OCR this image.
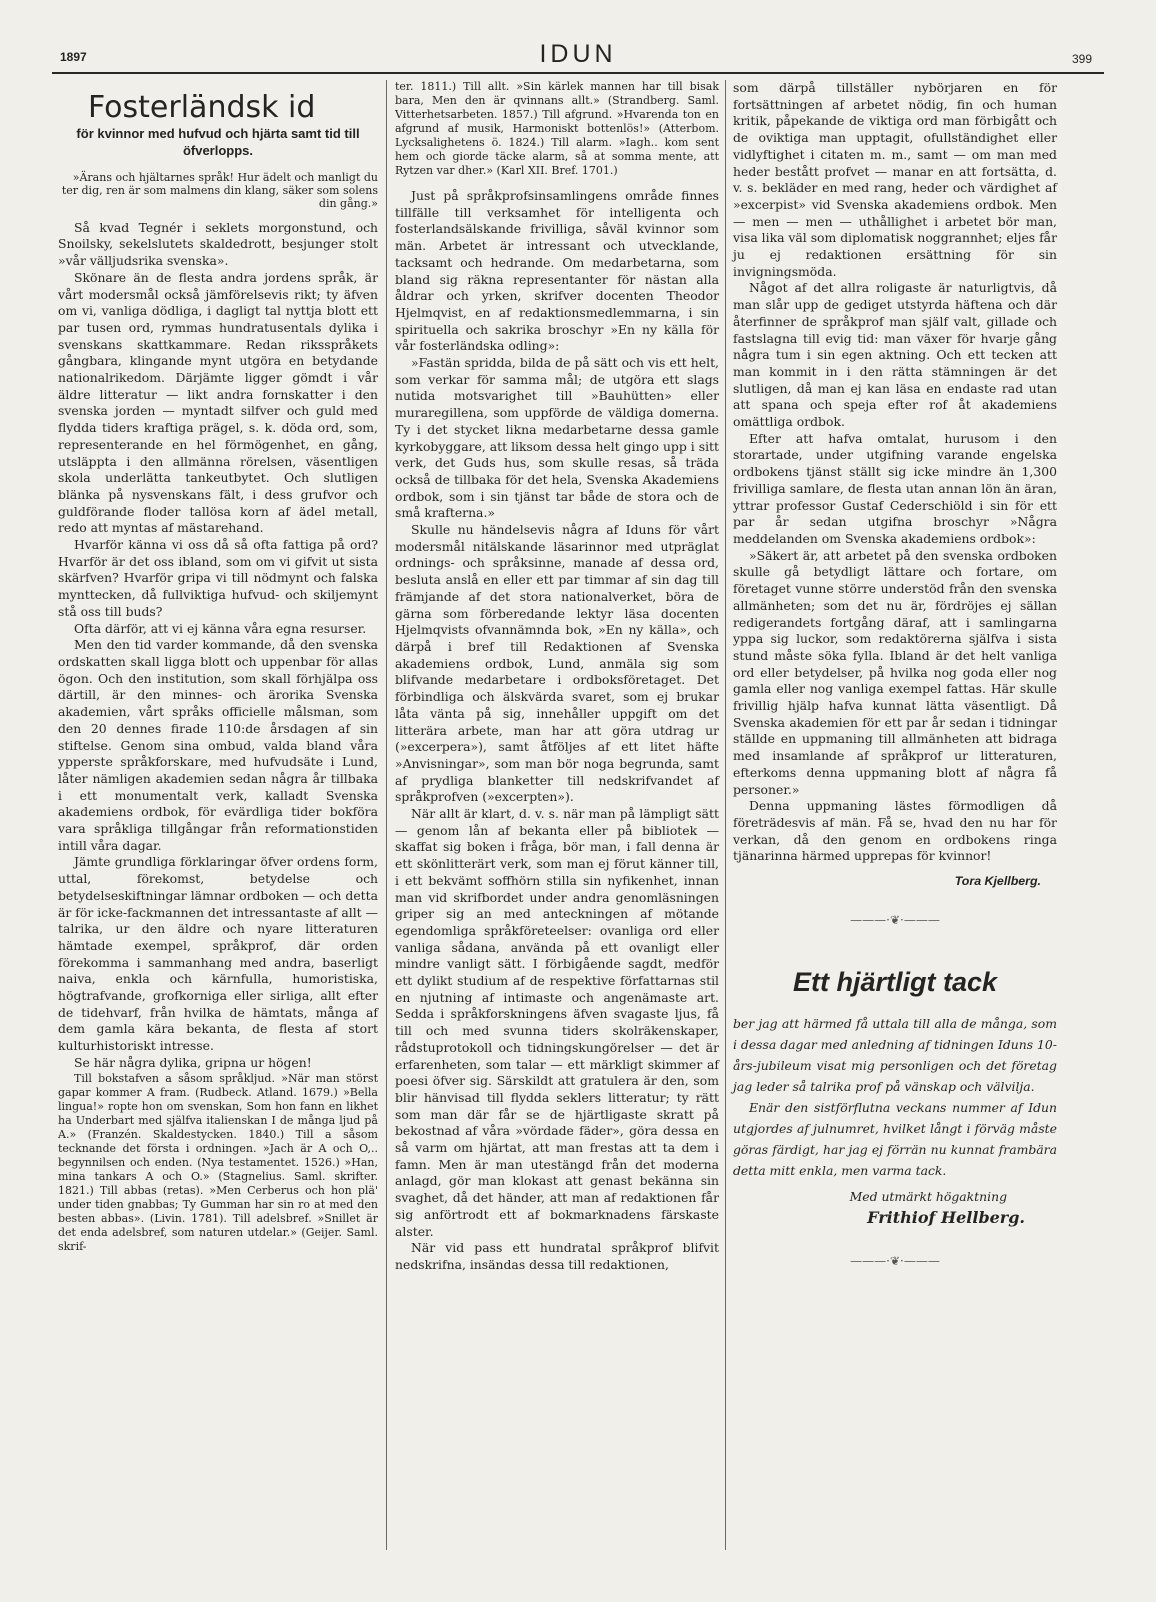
1897	IDUN	399
Fosterländsk id

för kvinnor med hufvud och hjärta samt tid till öfverlopps.

»Ärans och hjältarnes språk! Hur ädelt och manligt du ter dig, ren är som malmens din klang, säker som solens din gång.»

Så kvad Tegnér i seklets morgonstund, och Snoilsky, sekelslutets skaldedrott, besjunger stolt »vår välljudsrika svenska».

Skönare än de flesta andra jordens språk, är vårt modersmål också jämförelsevis rikt; ty äfven om vi, vanliga dödliga, i dagligt tal nyttja blott ett par tusen ord, rymmas hundratusentals dylika i svenskans skattkammare. Redan riksspråkets gångbara, klingande mynt utgöra en betydande nationalrikedom. Därjämte ligger gömdt i vår äldre litteratur — likt andra fornskatter i den svenska jorden — myntadt silfver och guld med flydda tiders kraftiga prägel, s. k. döda ord, som, representerande en hel förmögenhet, en gång, utsläppta i den allmänna rörelsen, väsentligen skola underlätta tankeutbytet. Och slutligen blänka på nysvenskans fält, i dess grufvor och guldförande floder tallösa korn af ädel metall, redo att myntas af mästarehand.

Hvarför känna vi oss då så ofta fattiga på ord? Hvarför är det oss ibland, som om vi gifvit ut sista skärfven? Hvarför gripa vi till nödmynt och falska mynttecken, då fullviktiga hufvud- och skiljemynt stå oss till buds?

Ofta därför, att vi ej känna våra egna resurser.

Men den tid varder kommande, då den svenska ordskatten skall ligga blott och uppenbar för allas ögon. Och den institution, som skall förhjälpa oss därtill, är den minnes- och ärorika Svenska akademien, vårt språks officielle målsman, som den 20 dennes firade 110:de årsdagen af sin stiftelse. Genom sina ombud, valda bland våra ypperste språkforskare, med hufvudsäte i Lund, låter nämligen akademien sedan några år tillbaka i ett monumentalt verk, kalladt Svenska akademiens ordbok, för evärdliga tider bokföra vara språkliga tillgångar från reformationstiden intill våra dagar.

Jämte grundliga förklaringar öfver ordens form, uttal, förekomst, betydelse och betydelseskiftningar lämnar ordboken — och detta är för icke-fackmannen det intressantaste af allt — talrika, ur den äldre och nyare litteraturen hämtade exempel, språkprof, där orden förekomma i sammanhang med andra, baserligt naiva, enkla och kärnfulla, humoristiska, högtrafvande, grofkorniga eller sirliga, allt efter de tidehvarf, från hvilka de hämtats, många af dem gamla kära bekanta, de flesta af stort kulturhistoriskt intresse.

Se här några dylika, gripna ur högen!

Till bokstafven a såsom språkljud. »När man störst gapar kommer A fram. (Rudbeck. Atland. 1679.) »Bella lingua!» ropte hon om svenskan, Som hon fann en likhet ha Underbart med själfva italienskan I de många ljud på A.» (Franzén. Skaldestycken. 1840.) Till a såsom tecknande det första i ordningen. »Jach är A och O,.. begynnilsen och enden. (Nya testamentet. 1526.) »Han, mina tankars A och O.» (Stagnelius. Saml. skrifter. 1821.) Till abbas (retas). »Men Cerberus och hon plä' under tiden gnabbas; Ty Gumman har sin ro at med den besten abbas». (Livin. 1781). Till adelsbref. »Snillet är det enda adelsbref, som naturen utdelar.» (Geijer. Saml. skrif-

ter. 1811.) Till allt. »Sin kärlek mannen har till bisak bara, Men den är qvinnans allt.» (Strandberg. Saml. Vitterhetsarbeten. 1857.) Till afgrund. »Hvarenda ton en afgrund af musik, Harmoniskt bottenlös!» (Atterbom. Lycksalighetens ö. 1824.) Till alarm. »Iagh.. kom sent hem och giorde täcke alarm, så at somma mente, att Rytzen var dher.» (Karl XII. Bref. 1701.)

Just på språkprofsinsamlingens område finnes tillfälle till verksamhet för intelligenta och fosterlandsälskande frivilliga, såväl kvinnor som män. Arbetet är intressant och utvecklande, tacksamt och hedrande. Om medarbetarna, som bland sig räkna representanter för nästan alla åldrar och yrken, skrifver docenten Theodor Hjelmqvist, en af redaktionsmedlemmarna, i sin spirituella och sakrika broschyr »En ny källa för vår fosterländska odling»:

»Fastän spridda, bilda de på sätt och vis ett helt, som verkar för samma mål; de utgöra ett slags nutida motsvarighet till »Bauhütten» eller muraregillena, som uppförde de väldiga domerna. Ty i det stycket likna medarbetarne dessa gamle kyrkobyggare, att liksom dessa helt gingo upp i sitt verk, det Guds hus, som skulle resas, så träda också de tillbaka för det hela, Svenska Akademiens ordbok, som i sin tjänst tar både de stora och de små krafterna.»

Skulle nu händelsevis några af Iduns för vårt modersmål nitälskande läsarinnor med utpräglat ordnings- och språksinne, manade af dessa ord, besluta anslå en eller ett par timmar af sin dag till främjande af det stora nationalverket, böra de gärna som förberedande lektyr läsa docenten Hjelmqvists ofvannämnda bok, »En ny källa», och därpå i bref till Redaktionen af Svenska akademiens ordbok, Lund, anmäla sig som blifvande medarbetare i ordboksföretaget. Det förbindliga och älskvärda svaret, som ej brukar låta vänta på sig, innehåller uppgift om det litterära arbete, man har att göra utdrag ur (»excerpera»), samt åtföljes af ett litet häfte »Anvisningar», som man bör noga begrunda, samt af prydliga blanketter till nedskrifvandet af språkprofven (»excerpten»).

När allt är klart, d. v. s. när man på lämpligt sätt — genom lån af bekanta eller på bibliotek — skaffat sig boken i fråga, bör man, i fall denna är ett skönlitterärt verk, som man ej förut känner till, i ett bekvämt soffhörn stilla sin nyfikenhet, innan man vid skrifbordet under andra genomläsningen griper sig an med anteckningen af mötande egendomliga språkföreteelser: ovanliga ord eller vanliga sådana, använda på ett ovanligt eller mindre vanligt sätt. I förbigående sagdt, medför ett dylikt studium af de respektive författarnas stil en njutning af intimaste och angenämaste art. Sedda i språkforskningens äfven svagaste ljus, få till och med svunna tiders skolräkenskaper, rådstuprotokoll och tidningskungörelser — det är erfarenheten, som talar — ett märkligt skimmer af poesi öfver sig. Särskildt att gratulera är den, som blir hänvisad till flydda seklers litteratur; ty rätt som man där får se de hjärtligaste skratt på bekostnad af våra »vördade fäder», göra dessa en så varm om hjärtat, att man frestas att ta dem i famn. Men är man utestängd från det moderna anlagd, gör man klokast att genast bekänna sin svaghet, då det händer, att man af redaktionen får sig anförtrodt ett af bokmarknadens färskaste alster.

När vid pass ett hundratal språkprof blifvit nedskrifna, insändas dessa till redaktionen,

som därpå tillställer nybörjaren en för fortsättningen af arbetet nödig, fin och human kritik, påpekande de viktiga ord man förbigått och de oviktiga man upptagit, ofullständighet eller vidlyftighet i citaten m. m., samt — om man med heder bestått profvet — manar en att fortsätta, d. v. s. bekläder en med rang, heder och värdighet af »excerpist» vid Svenska akademiens ordbok. Men — men — men — uthållighet i arbetet bör man, visa lika väl som diplomatisk noggrannhet; eljes får ju ej redaktionen ersättning för sin invigningsmöda.

Något af det allra roligaste är naturligtvis, då man slår upp de gediget utstyrda häftena och där återfinner de språkprof man själf valt, gillade och fastslagna till evig tid: man växer för hvarje gång några tum i sin egen aktning. Och ett tecken att man kommit in i den rätta stämningen är det slutligen, då man ej kan läsa en endaste rad utan att spana och speja efter rof åt akademiens omättliga ordbok.

Efter att hafva omtalat, hurusom i den storartade, under utgifning varande engelska ordbokens tjänst ställt sig icke mindre än 1,300 frivilliga samlare, de flesta utan annan lön än äran, yttrar professor Gustaf Cederschiöld i sin för ett par år sedan utgifna broschyr »Några meddelanden om Svenska akademiens ordbok»:

»Säkert är, att arbetet på den svenska ordboken skulle gå betydligt lättare och fortare, om företaget vunne större understöd från den svenska allmänheten; som det nu är, fördröjes ej sällan redigerandets fortgång däraf, att i samlingarna yppa sig luckor, som redaktörerna själfva i sista stund måste söka fylla. Ibland är det helt vanliga ord eller betydelser, på hvilka nog goda eller nog gamla eller nog vanliga exempel fattas. Här skulle frivillig hjälp hafva kunnat lätta väsentligt. Då Svenska akademien för ett par år sedan i tidningar ställde en uppmaning till allmänheten att bidraga med insamlande af språkprof ur litteraturen, efterkoms denna uppmaning blott af några få personer.»

Denna uppmaning lästes förmodligen då företrädesvis af män. Få se, hvad den nu har för verkan, då den genom en ordbokens ringa tjänarinna härmed upprepas för kvinnor!

Tora Kjellberg.

———·❦·———

Ett hjärtligt tack

ber jag att härmed få uttala till alla de många, som i dessa dagar med anledning af tidningen Iduns 10-års-jubileum visat mig personligen och det företag jag leder så talrika prof på vänskap och välvilja.

Enär den sistförflutna veckans nummer af Idun utgjordes af julnumret, hvilket långt i förväg måste göras färdigt, har jag ej förrän nu kunnat frambära detta mitt enkla, men varma tack.

Med utmärkt högaktning

Frithiof Hellberg.

———·❦·———
